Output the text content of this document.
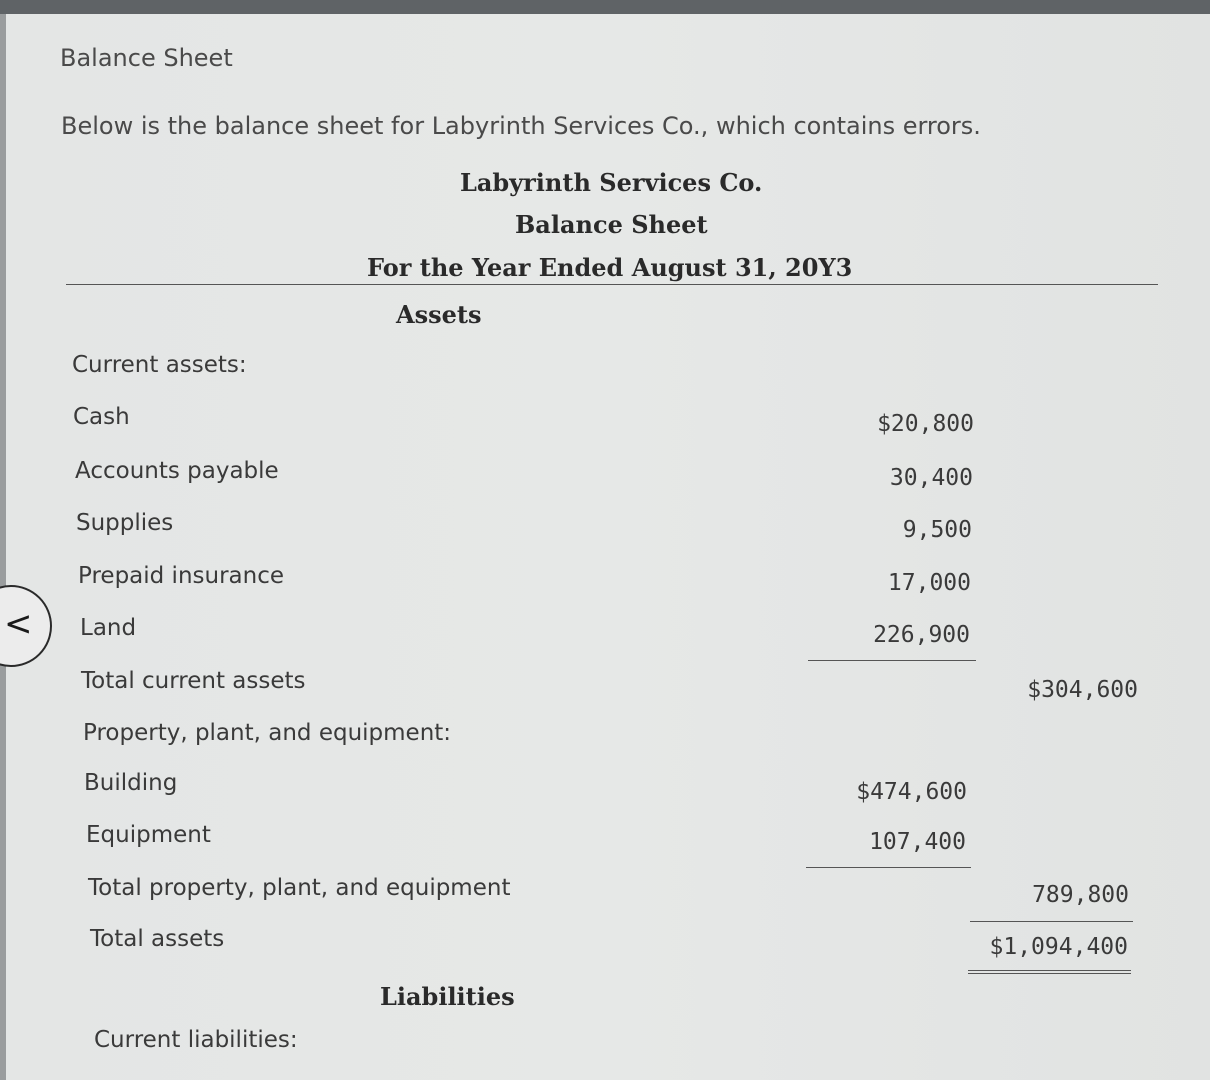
Balance Sheet
Below is the balance sheet for Labyrinth Services Co., which contains errors.
Labyrinth Services Co.
Balance Sheet
For the Year Ended August 31, 20Y3
Assets
Current assets:
Cash	$20,800
Accounts payable	30,400
Supplies	9,500
Prepaid insurance	17,000
Land	226,900
Total current assets	$304,600
Property, plant, and equipment:
Building	$474,600
Equipment	107,400
Total property, plant, and equipment	789,800
Total assets	$1,094,400
Liabilities
Current liabilities:
<
